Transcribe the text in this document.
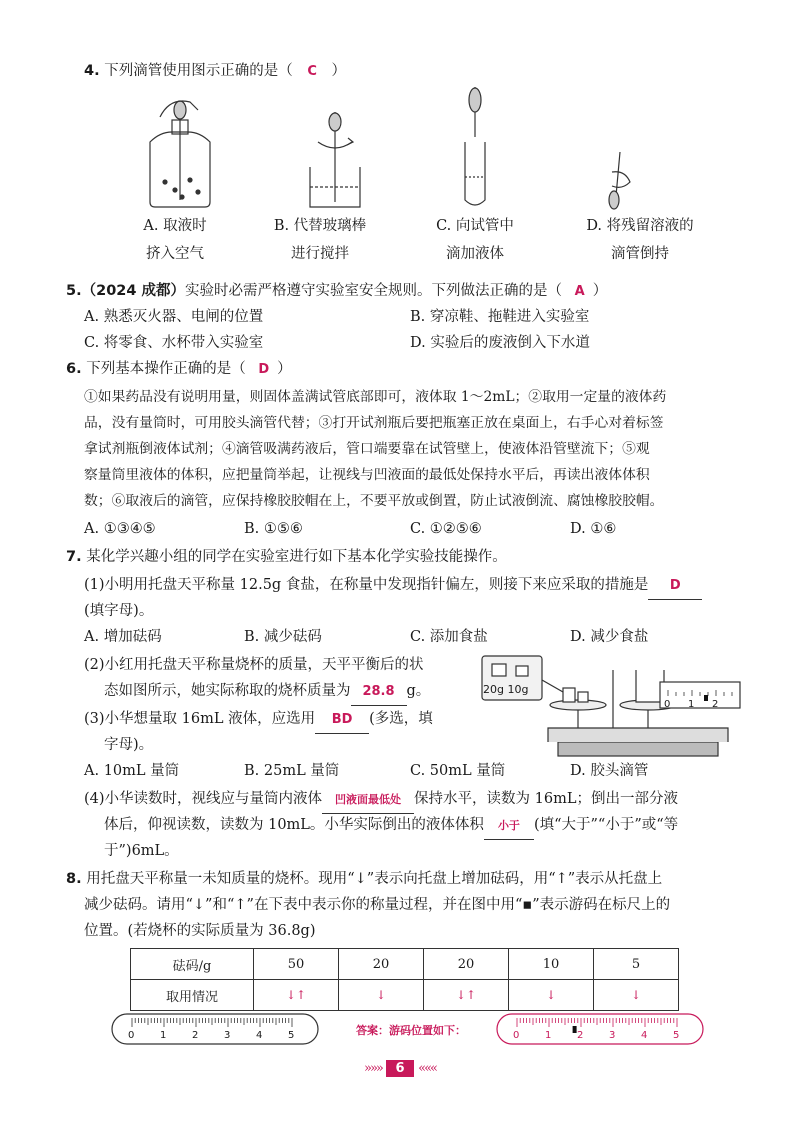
4. 下列滴管使用图示正确的是（ C ）
A. 取液时
挤入空气
B. 代替玻璃棒
进行搅拌
C. 向试管中
滴加液体
D. 将残留溶液的
滴管倒持
5.（2024 成都）实验时必需严格遵守实验室安全规则。下列做法正确的是（ A ）
A. 熟悉灭火器、电闸的位置	B. 穿凉鞋、拖鞋进入实验室
C. 将零食、水杯带入实验室	D. 实验后的废液倒入下水道
6. 下列基本操作正确的是（ D ）
①如果药品没有说明用量，则固体盖满试管底部即可，液体取 1～2mL；②取用一定量的液体药
品，没有量筒时，可用胶头滴管代替；③打开试剂瓶后要把瓶塞正放在桌面上，右手心对着标签
拿试剂瓶倒液体试剂；④滴管吸满药液后，管口端要靠在试管壁上，使液体沿管壁流下；⑤观
察量筒里液体的体积，应把量筒举起，让视线与凹液面的最低处保持水平后，再读出液体体积
数；⑥取液后的滴管，应保持橡胶胶帽在上，不要平放或倒置，防止试液倒流、腐蚀橡胶胶帽。
A. ①③④⑤	B. ①⑤⑥	C. ①②⑤⑥	D. ①⑥
7. 某化学兴趣小组的同学在实验室进行如下基本化学实验技能操作。
(1)小明用托盘天平称量 12.5g 食盐，在称量中发现指针偏左，则接下来应采取的措施是 D
(填字母)。
A. 增加砝码	B. 减少砝码	C. 添加食盐	D. 减少食盐
(2)小红用托盘天平称量烧杯的质量，天平平衡后的状
态如图所示，她实际称取的烧杯质量为 28.8 g。
(3)小华想量取 16mL 液体，应选用 BD (多选，填
字母)。
A. 10mL 量筒	B. 25mL 量筒	C. 50mL 量筒	D. 胶头滴管
20g 10g
0 1 2
(4)小华读数时，视线应与量筒内液体 凹液面最低处 保持水平，读数为 16mL；倒出一部分液
体后，仰视读数，读数为 10mL。小华实际倒出的液体体积 小于 (填“大于”“小于”或“等
于”)6mL。
8. 用托盘天平称量一未知质量的烧杯。现用“↓”表示向托盘上增加砝码，用“↑”表示从托盘上
减少砝码。请用“↓”和“↑”在下表中表示你的称量过程，并在图中用“▪”表示游码在标尺上的
位置。(若烧杯的实际质量为 36.8g)
砝码/g	50	20	20	10	5
取用情况	↓↑	↓	↓↑	↓	↓
0	1	2	3	4	5	答案：游码位置如下：	0	1	2	3	4	5
»»» 6 «««
